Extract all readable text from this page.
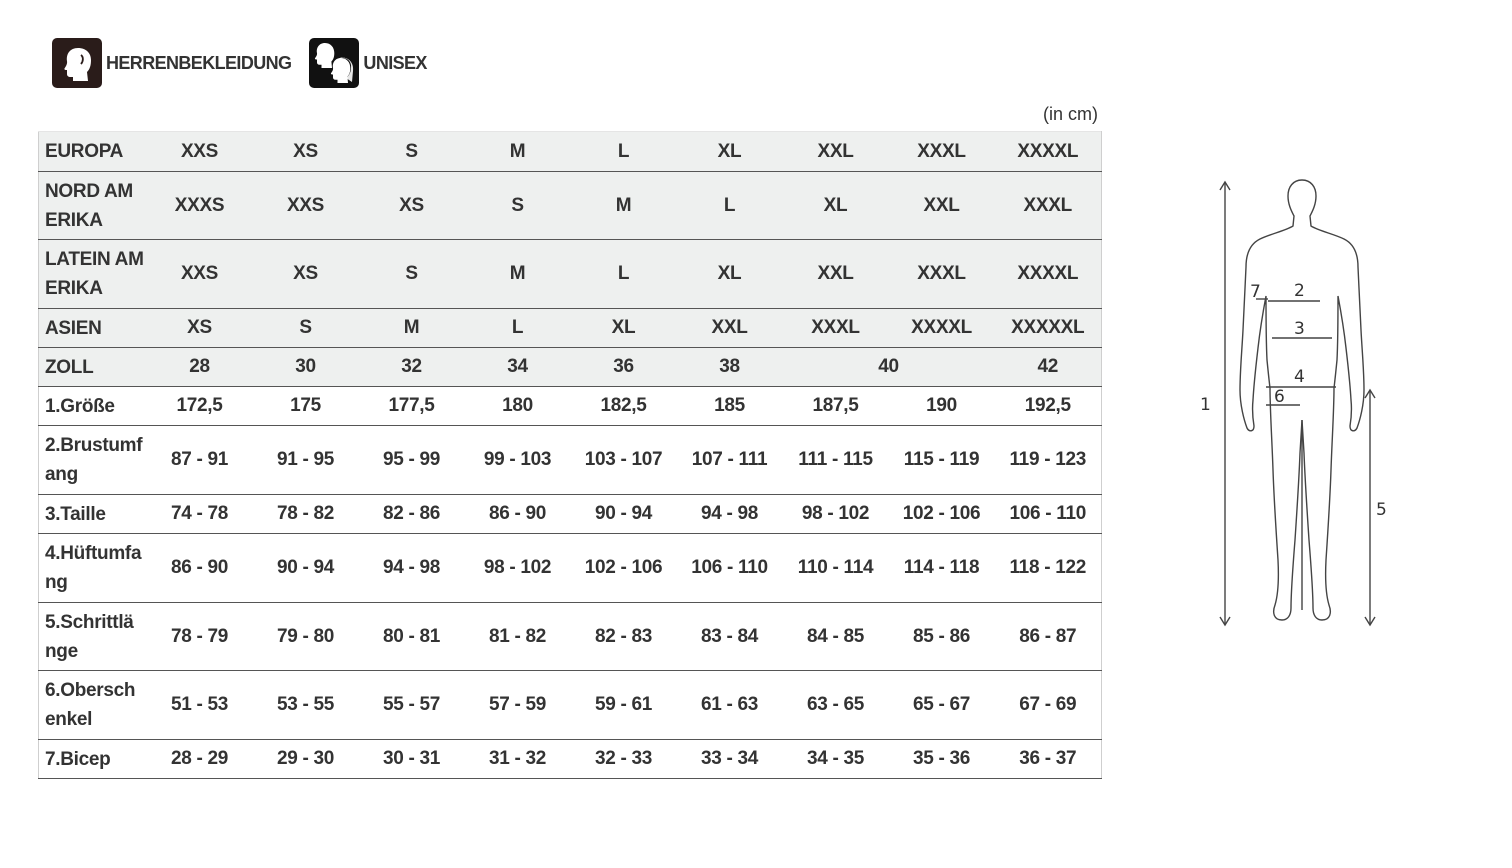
HERRENBEKLEIDUNG	UNISEX
(in cm)
EUROPA	XXS	XS	S	M	L	XL	XXL	XXXL	XXXXL
NORD AMERIKA	XXXS	XXS	XS	S	M	L	XL	XXL	XXXL
LATEIN AMERIKA	XXS	XS	S	M	L	XL	XXL	XXXL	XXXXL
ASIEN	XS	S	M	L	XL	XXL	XXXL	XXXXL	XXXXXL
ZOLL	28	30	32	34	36	38	40		42
1.Größe	172,5	175	177,5	180	182,5	185	187,5	190	192,5
2.Brustumfang	87 - 91	91 - 95	95 - 99	99 - 103	103 - 107	107 - 111	111 - 115	115 - 119	119 - 123
3.Taille	74 - 78	78 - 82	82 - 86	86 - 90	90 - 94	94 - 98	98 - 102	102 - 106	106 - 110
4.Hüftumfang	86 - 90	90 - 94	94 - 98	98 - 102	102 - 106	106 - 110	110 - 114	114 - 118	118 - 122
5.Schrittlänge	78 - 79	79 - 80	80 - 81	81 - 82	82 - 83	83 - 84	84 - 85	85 - 86	86 - 87
6.Oberschenkel	51 - 53	53 - 55	55 - 57	57 - 59	59 - 61	61 - 63	63 - 65	65 - 67	67 - 69
7.Bicep	28 - 29	29 - 30	30 - 31	31 - 32	32 - 33	33 - 34	34 - 35	35 - 36	36 - 37
1
2
3
4
5
6
7
